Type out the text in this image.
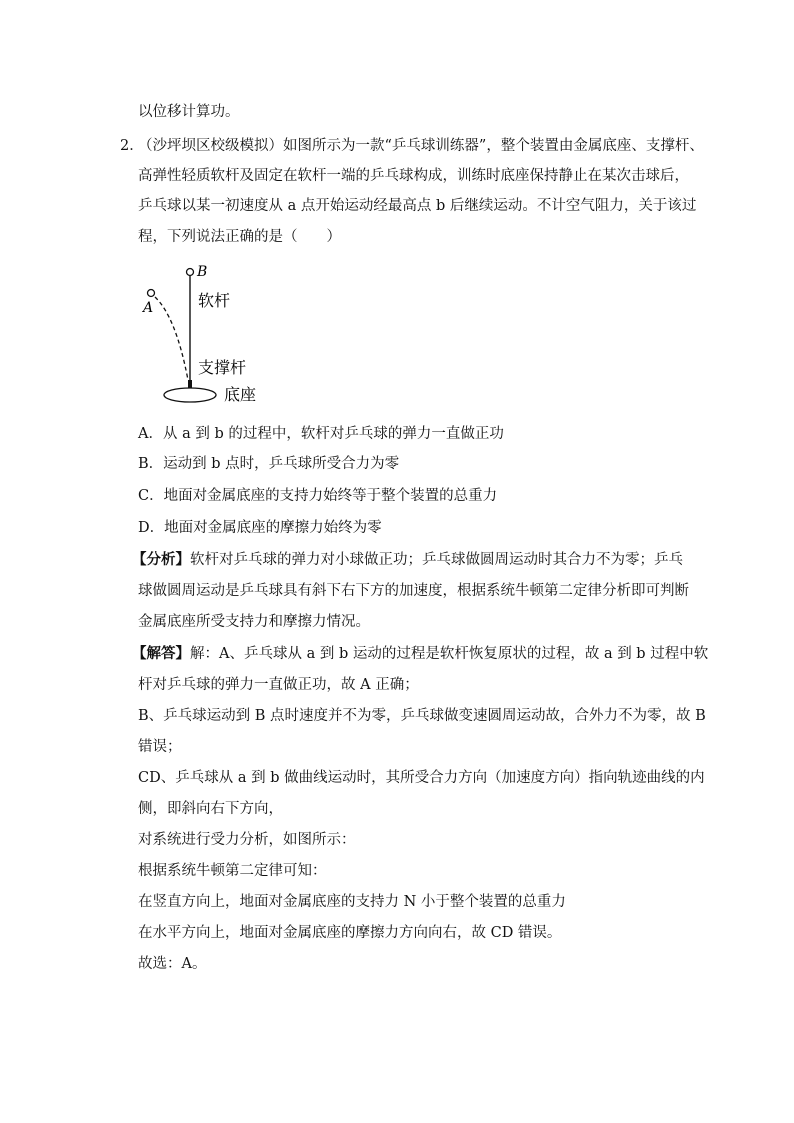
以位移计算功。
2．
（沙坪坝区校级模拟）如图所示为一款“乒乓球训练器”，整个装置由金属底座、支撑杆、
高弹性轻质软杆及固定在软杆一端的乒乓球构成，训练时底座保持静止在某次击球后，
乒乓球以某一初速度从 a 点开始运动经最高点 b 后继续运动。不计空气阻力，关于该过
程，下列说法正确的是（　　）
B
A	软杆
支撑杆
底座
A．从 a 到 b 的过程中，软杆对乒乓球的弹力一直做正功
B．运动到 b 点时，乒乓球所受合力为零
C．地面对金属底座的支持力始终等于整个装置的总重力
D．地面对金属底座的摩擦力始终为零
【分析】软杆对乒乓球的弹力对小球做正功；乒乓球做圆周运动时其合力不为零；乒乓
球做圆周运动是乒乓球具有斜下右下方的加速度，根据系统牛顿第二定律分析即可判断
金属底座所受支持力和摩擦力情况。
【解答】解：A、乒乓球从 a 到 b 运动的过程是软杆恢复原状的过程，故 a 到 b 过程中软
杆对乒乓球的弹力一直做正功，故 A 正确；
B、乒乓球运动到 B 点时速度并不为零，乒乓球做变速圆周运动故，合外力不为零，故 B
错误；
CD、乒乓球从 a 到 b 做曲线运动时，其所受合力方向（加速度方向）指向轨迹曲线的内
侧，即斜向右下方向，
对系统进行受力分析，如图所示：
根据系统牛顿第二定律可知：
在竖直方向上，地面对金属底座的支持力 N 小于整个装置的总重力
在水平方向上，地面对金属底座的摩擦力方向向右，故 CD 错误。
故选：A。
